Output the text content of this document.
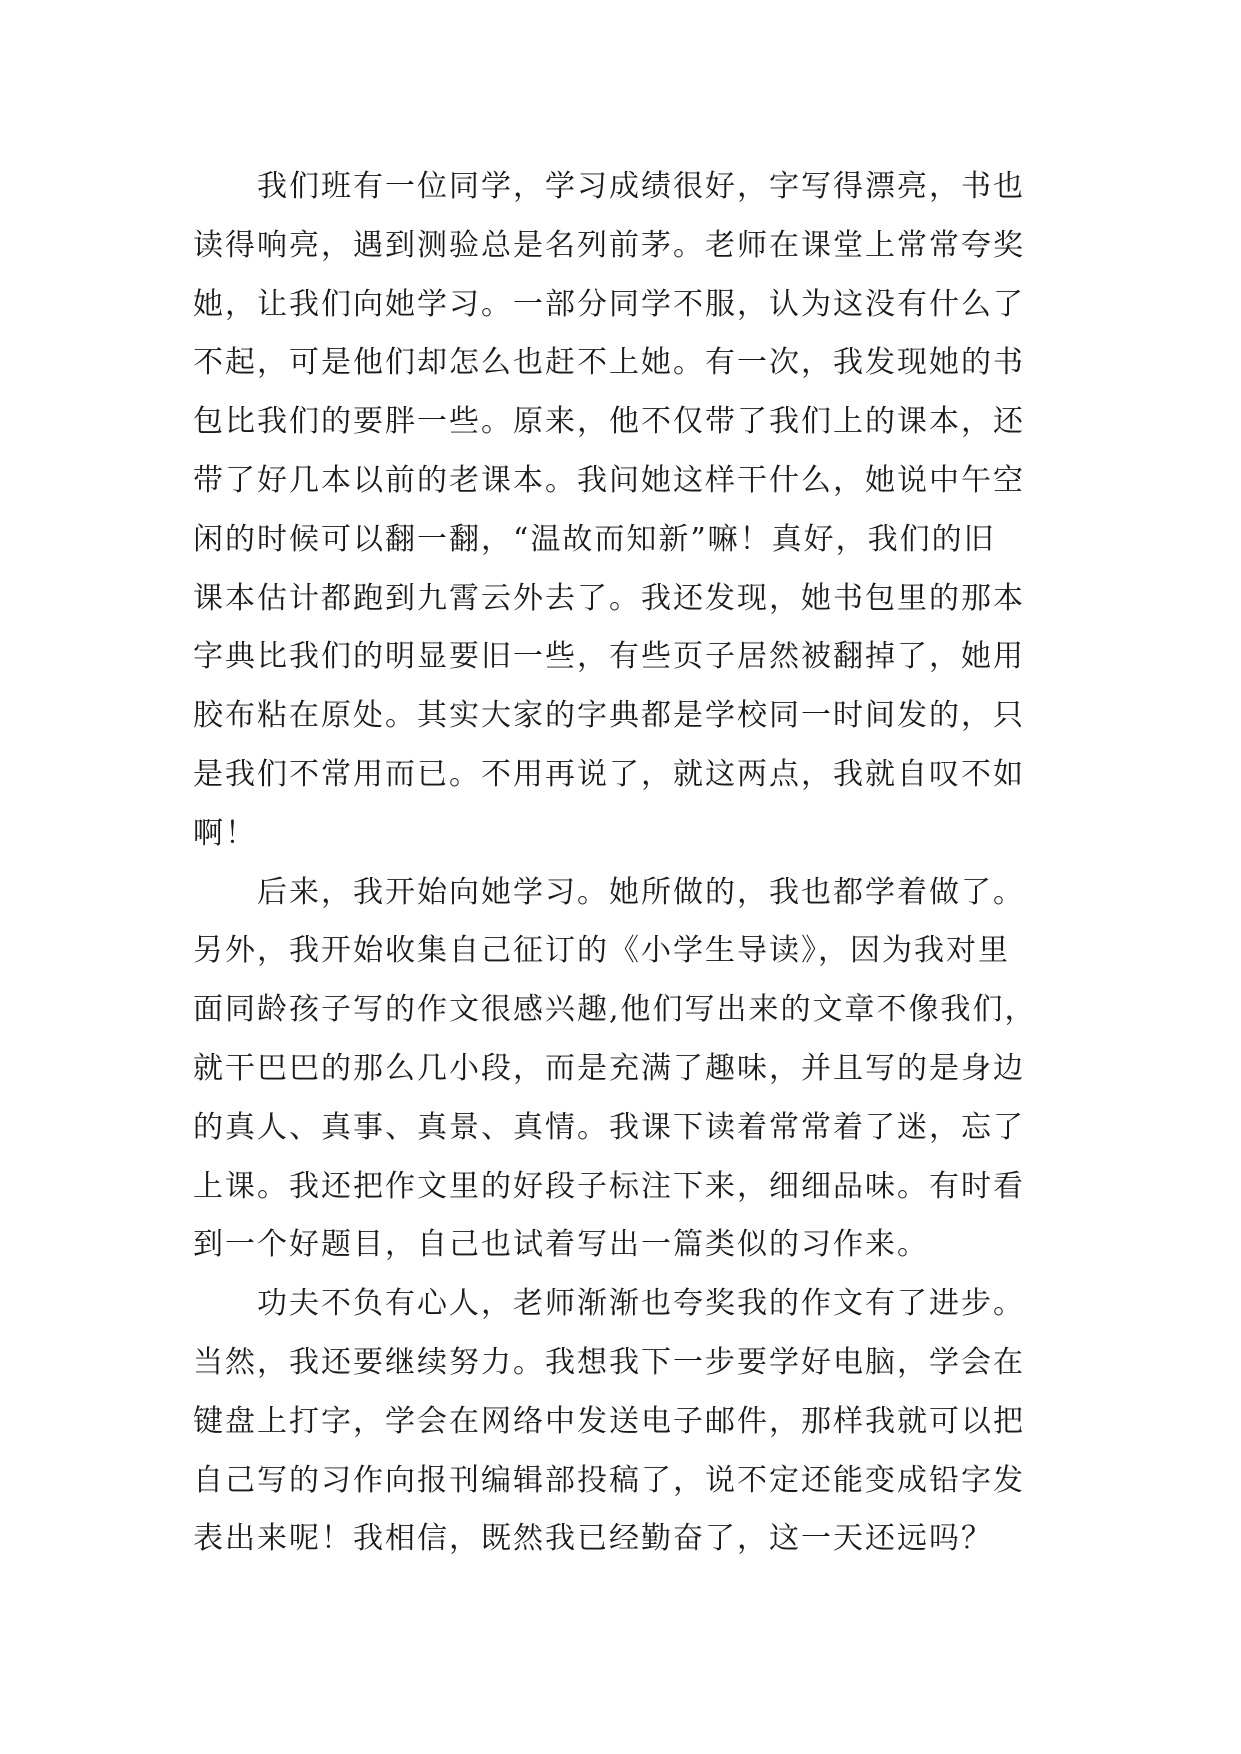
我们班有一位同学，学习成绩很好，字写得漂亮，书也
读得响亮，遇到测验总是名列前茅。老师在课堂上常常夸奖
她，让我们向她学习。一部分同学不服，认为这没有什么了
不起，可是他们却怎么也赶不上她。有一次，我发现她的书
包比我们的要胖一些。原来，他不仅带了我们上的课本，还
带了好几本以前的老课本。我问她这样干什么，她说中午空
闲的时候可以翻一翻，“温故而知新”嘛！真好，我们的旧
课本估计都跑到九霄云外去了。我还发现，她书包里的那本
字典比我们的明显要旧一些，有些页子居然被翻掉了，她用
胶布粘在原处。其实大家的字典都是学校同一时间发的，只
是我们不常用而已。不用再说了，就这两点，我就自叹不如
啊！
后来，我开始向她学习。她所做的，我也都学着做了。
另外，我开始收集自己征订的《小学生导读》，因为我对里
面同龄孩子写的作文很感兴趣,他们写出来的文章不像我们，
就干巴巴的那么几小段，而是充满了趣味，并且写的是身边
的真人、真事、真景、真情。我课下读着常常着了迷，忘了
上课。我还把作文里的好段子标注下来，细细品味。有时看
到一个好题目，自己也试着写出一篇类似的习作来。
功夫不负有心人，老师渐渐也夸奖我的作文有了进步。
当然，我还要继续努力。我想我下一步要学好电脑，学会在
键盘上打字，学会在网络中发送电子邮件，那样我就可以把
自己写的习作向报刊编辑部投稿了，说不定还能变成铅字发
表出来呢！我相信，既然我已经勤奋了，这一天还远吗？
